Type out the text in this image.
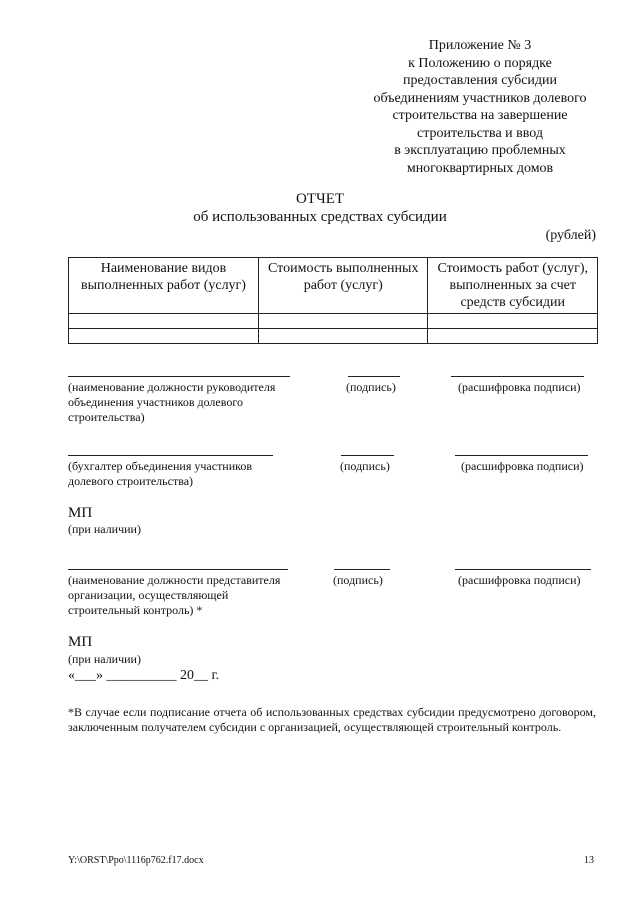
Приложение № 3
к Положению о порядке
предоставления субсидии
объединениям участников долевого
строительства на завершение
строительства и ввод
в эксплуатацию проблемных
многоквартирных домов
ОТЧЕТ
об использованных средствах субсидии
(рублей)
Наименование видов выполненных работ (услуг)	Стоимость выполненных работ (услуг)	Стоимость работ (услуг), выполненных за счет средств субсидии

(наименование должности руководителя объединения участников долевого строительства)
(подпись)	(расшифровка подписи)
(бухгалтер объединения участников долевого строительства)
(подпись)	(расшифровка подписи)
МП
(при наличии)
(наименование должности представителя организации, осуществляющей строительный контроль) *
(подпись)	(расшифровка подписи)
МП
(при наличии)
«___» __________ 20__ г.
*В случае если подписание отчета об использованных средствах субсидии предусмотрено договором, заключенным получателем субсидии с организацией, осуществляющей строительный контроль.
Y:\ORST\Ppo\1116p762.f17.docx	13
